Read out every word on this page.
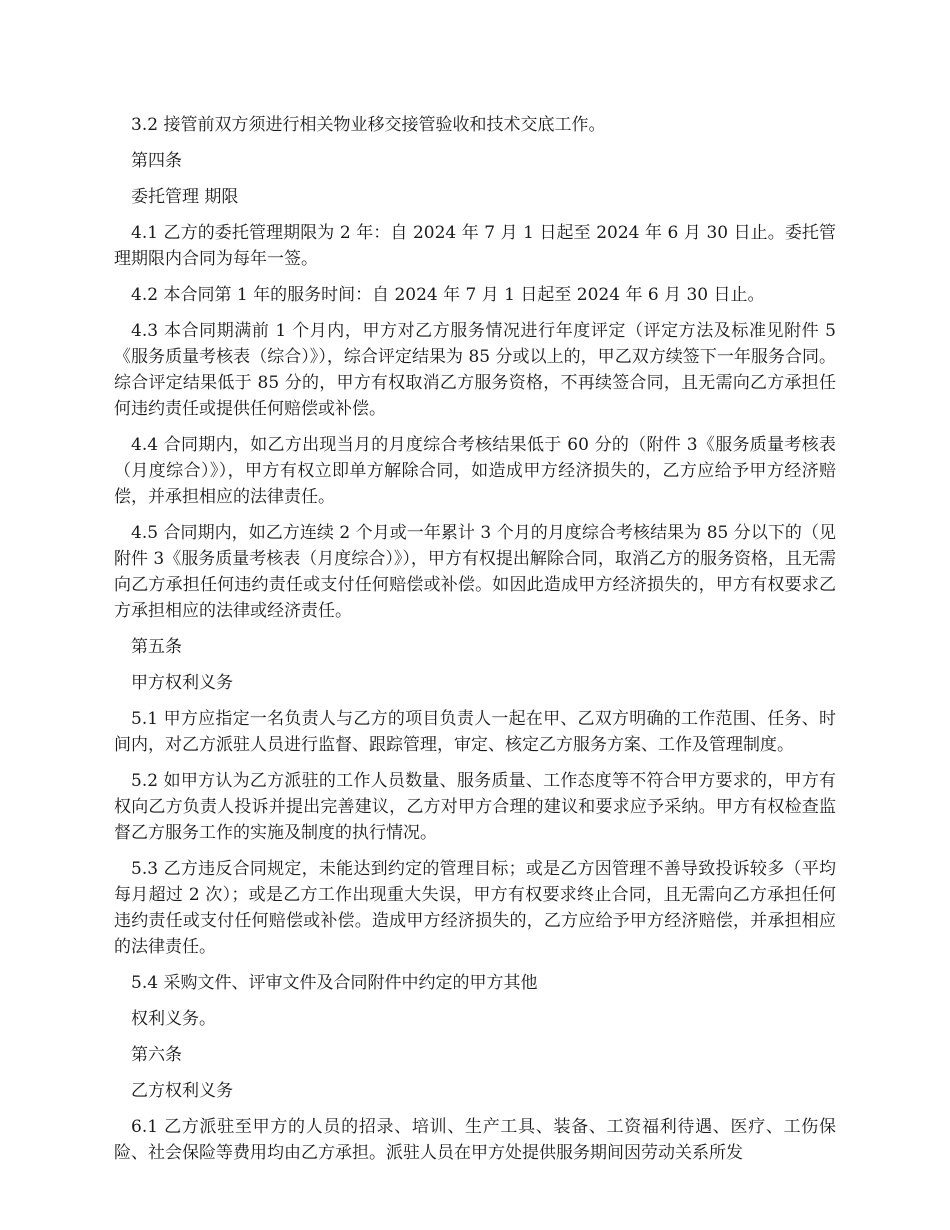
3.2 接管前双方须进行相关物业移交接管验收和技术交底工作。

第四条

委托管理 期限

4.1 乙方的委托管理期限为 2 年：自 2024 年 7 月 1 日起至 2024 年 6 月 30 日止。委托管理期限内合同为每年一签。

4.2 本合同第 1 年的服务时间：自 2024 年 7 月 1 日起至 2024 年 6 月 30 日止。

4.3 本合同期满前 1 个月内，甲方对乙方服务情况进行年度评定（评定方法及标准见附件 5《服务质量考核表（综合）》），综合评定结果为 85 分或以上的，甲乙双方续签下一年服务合同。综合评定结果低于 85 分的，甲方有权取消乙方服务资格，不再续签合同，且无需向乙方承担任何违约责任或提供任何赔偿或补偿。

4.4 合同期内，如乙方出现当月的月度综合考核结果低于 60 分的（附件 3《服务质量考核表（月度综合）》），甲方有权立即单方解除合同，如造成甲方经济损失的，乙方应给予甲方经济赔偿，并承担相应的法律责任。

4.5 合同期内，如乙方连续 2 个月或一年累计 3 个月的月度综合考核结果为 85 分以下的（见附件 3《服务质量考核表（月度综合）》），甲方有权提出解除合同，取消乙方的服务资格，且无需向乙方承担任何违约责任或支付任何赔偿或补偿。如因此造成甲方经济损失的，甲方有权要求乙方承担相应的法律或经济责任。

第五条

甲方权利义务

5.1 甲方应指定一名负责人与乙方的项目负责人一起在甲、乙双方明确的工作范围、任务、时间内，对乙方派驻人员进行监督、跟踪管理，审定、核定乙方服务方案、工作及管理制度。

5.2 如甲方认为乙方派驻的工作人员数量、服务质量、工作态度等不符合甲方要求的，甲方有权向乙方负责人投诉并提出完善建议，乙方对甲方合理的建议和要求应予采纳。甲方有权检查监督乙方服务工作的实施及制度的执行情况。

5.3 乙方违反合同规定，未能达到约定的管理目标；或是乙方因管理不善导致投诉较多（平均每月超过 2 次）；或是乙方工作出现重大失误，甲方有权要求终止合同，且无需向乙方承担任何违约责任或支付任何赔偿或补偿。造成甲方经济损失的，乙方应给予甲方经济赔偿，并承担相应的法律责任。

5.4 采购文件、评审文件及合同附件中约定的甲方其他

权利义务。

第六条

乙方权利义务

6.1 乙方派驻至甲方的人员的招录、培训、生产工具、装备、工资福利待遇、医疗、工伤保险、社会保险等费用均由乙方承担。派驻人员在甲方处提供服务期间因劳动关系所发
